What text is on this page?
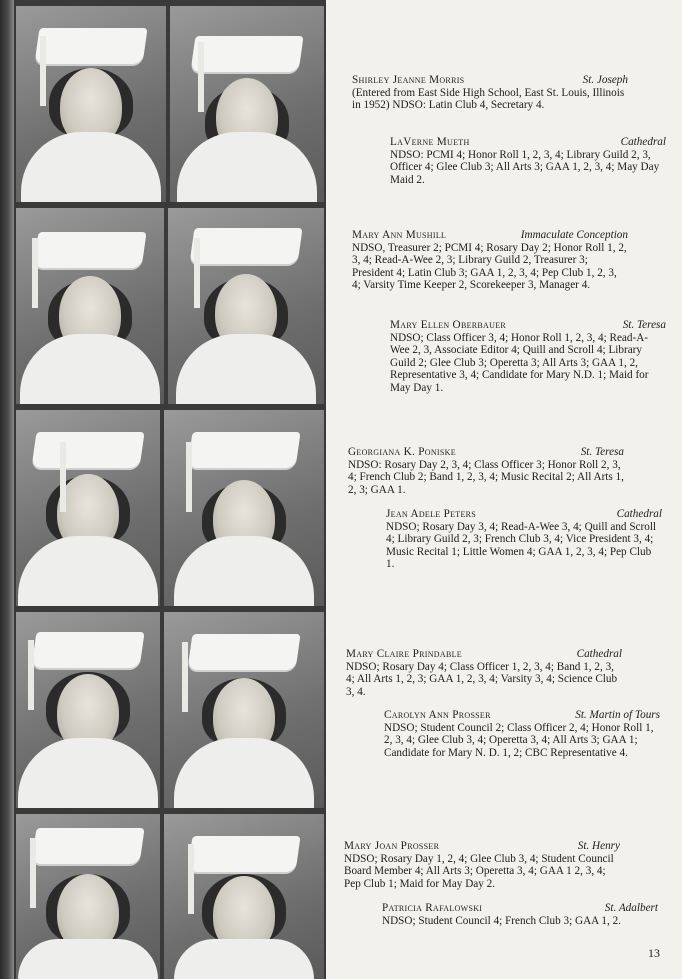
Shirley Jeanne Morris	St. Joseph

(Entered from East Side High School, East St. Louis, Illinois in 1952) NDSO: Latin Club 4, Secretary 4.

LaVerne Mueth	Cathedral

NDSO: PCMI 4; Honor Roll 1, 2, 3, 4; Library Guild 2, 3, Officer 4; Glee Club 3; All Arts 3; GAA 1, 2, 3, 4; May Day Maid 2.

Mary Ann Mushill	Immaculate Conception

NDSO, Treasurer 2; PCMI 4; Rosary Day 2; Honor Roll 1, 2, 3, 4; Read-A-Wee 2, 3; Library Guild 2, Treasurer 3; President 4; Latin Club 3; GAA 1, 2, 3, 4; Pep Club 1, 2, 3, 4; Varsity Time Keeper 2, Scorekeeper 3, Manager 4.

Mary Ellen Oberbauer	St. Teresa

NDSO; Class Officer 3, 4; Honor Roll 1, 2, 3, 4; Read-A-Wee 2, 3, Associate Editor 4; Quill and Scroll 4; Library Guild 2; Glee Club 3; Operetta 3; All Arts 3; GAA 1, 2, Representative 3, 4; Candidate for Mary N.D. 1; Maid for May Day 1.

Georgiana K. Poniske	St. Teresa

NDSO: Rosary Day 2, 3, 4; Class Officer 3; Honor Roll 2, 3, 4; French Club 2; Band 1, 2, 3, 4; Music Recital 2; All Arts 1, 2, 3; GAA 1.

Jean Adele Peters	Cathedral

NDSO; Rosary Day 3, 4; Read-A-Wee 3, 4; Quill and Scroll 4; Library Guild 2, 3; French Club 3, 4; Vice President 3, 4; Music Recital 1; Little Women 4; GAA 1, 2, 3, 4; Pep Club 1.

Mary Claire Prindable	Cathedral

NDSO; Rosary Day 4; Class Officer 1, 2, 3, 4; Band 1, 2, 3, 4; All Arts 1, 2, 3; GAA 1, 2, 3, 4; Varsity 3, 4; Science Club 3, 4.

Carolyn Ann Prosser	St. Martin of Tours

NDSO; Student Council 2; Class Officer 2, 4; Honor Roll 1, 2, 3, 4; Glee Club 3, 4; Operetta 3, 4; All Arts 3; GAA 1; Candidate for Mary N. D. 1, 2; CBC Representative 4.

Mary Joan Prosser	St. Henry

NDSO; Rosary Day 1, 2, 4; Glee Club 3, 4; Student Council Board Member 4; All Arts 3; Operetta 3, 4; GAA 1 2, 3, 4; Pep Club 1; Maid for May Day 2.

Patricia Rafalowski	St. Adalbert

NDSO; Student Council 4; French Club 3; GAA 1, 2.

13
